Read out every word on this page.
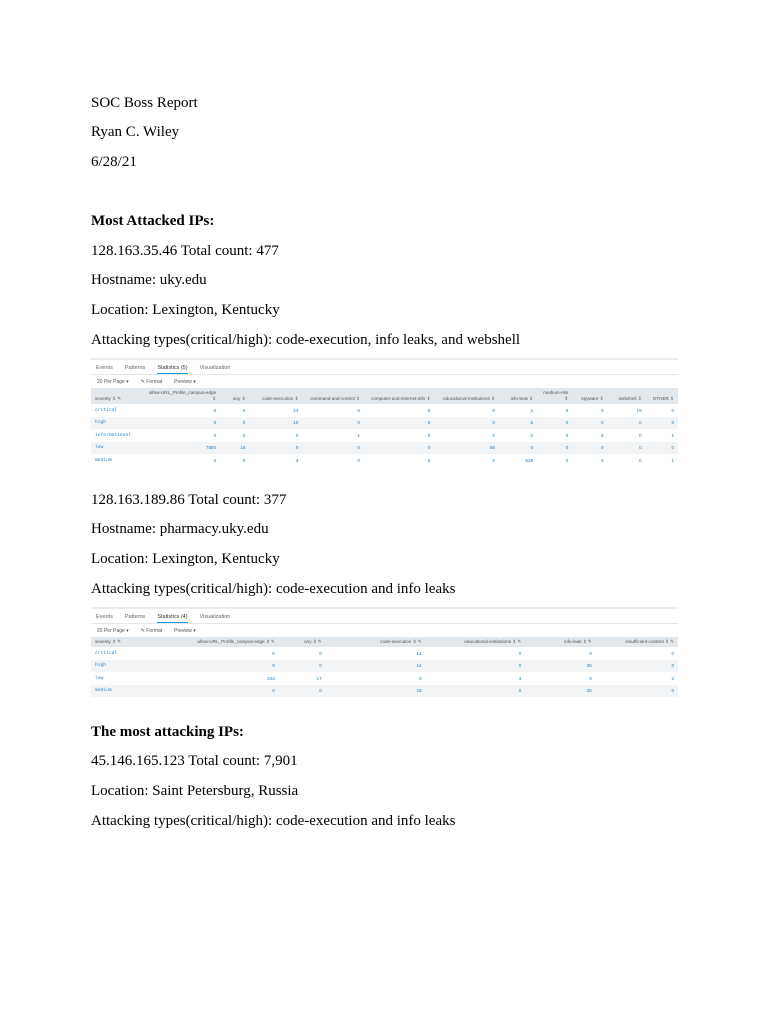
SOC Boss Report
Ryan C. Wiley
6/28/21
Most Attacked IPs:
128.163.35.46 Total count: 477
Hostname: uky.edu
Location: Lexington, Kentucky
Attacking types(critical/high): code-execution, info leaks, and webshell
Events Patterns Statistics (5) Visualization
20 Per Page ▾ ✎ Format Preview ▾
severity ⇕ ✎	allow-URL_Profile_campus-edge ⇕	any ⇕	code-execution ⇕	command-and-control ⇕	computer-and-internet-info ⇕	educational-institutions ⇕	info-leak ⇕	medium-risk ⇕	spyware ⇕	webshell ⇕	OTHER ⇕
critical	0	0	24	0	0	0	2	0	0	19	0
high	0	0	10	0	0	0	5	0	0	0	0
informational	0	0	0	1	0	0	0	0	5	0	1
low	7584	15	0	0	0	55	0	0	0	0	0
medium	0	0	3	0	0	0	528	0	0	0	1
128.163.189.86 Total count: 377
Hostname: pharmacy.uky.edu
Location: Lexington, Kentucky
Attacking types(critical/high): code-execution and info leaks
Events Patterns Statistics (4) Visualization
20 Per Page ▾ ✎ Format Preview ▾
severity ⇕ ✎	allow-URL_Profile_campus-edge ⇕ ✎	any ⇕ ✎	code-execution ⇕ ✎	educational-institutions ⇕ ✎	info-leak ⇕ ✎	insufficient-content ⇕ ✎
critical	0	0	14	0	0	0
high	0	0	14	0	25	0
low	243	17	0	3	0	2
medium	0	0	18	0	25	0
The most attacking IPs:
45.146.165.123 Total count: 7,901
Location: Saint Petersburg, Russia
Attacking types(critical/high): code-execution and info leaks
